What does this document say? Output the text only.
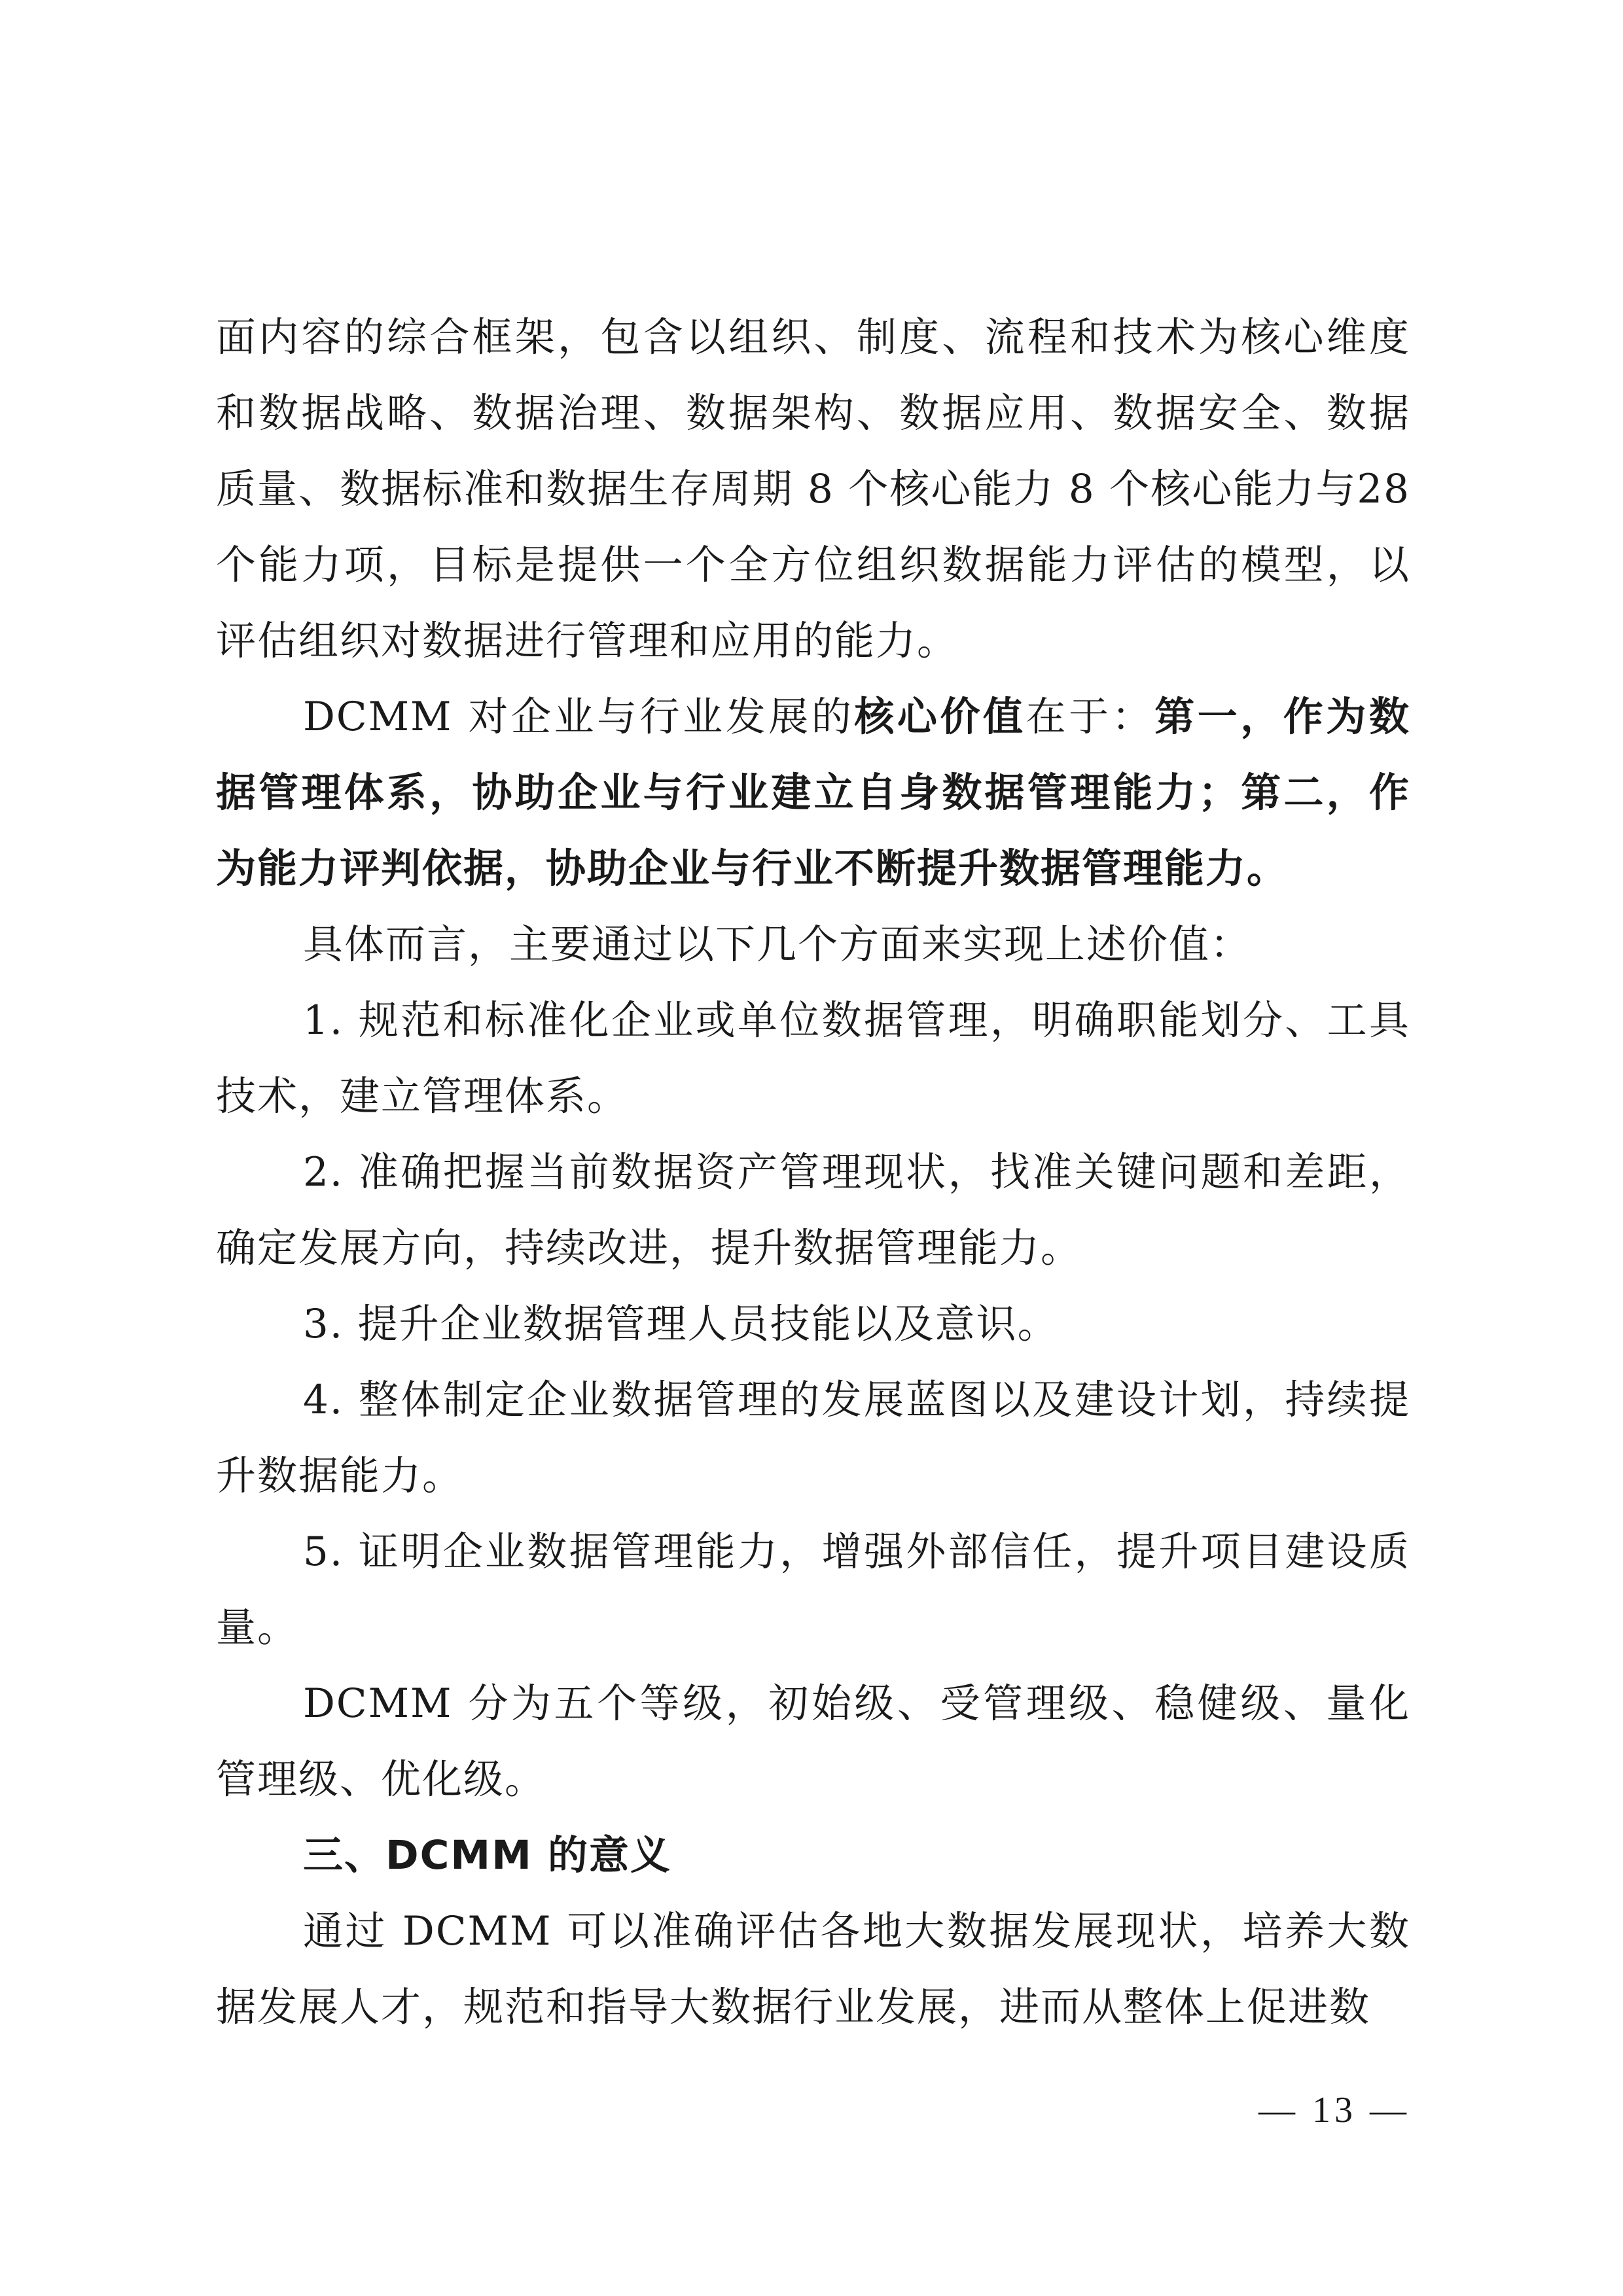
面内容的综合框架，包含以组织、制度、流程和技术为核心维度和数据战略、数据治理、数据架构、数据应用、数据安全、数据质量、数据标准和数据生存周期 8 个核心能力 8 个核心能力与28个能力项，目标是提供一个全方位组织数据能力评估的模型，以评估组织对数据进行管理和应用的能力。

DCMM 对企业与行业发展的核心价值在于：第一，作为数据管理体系，协助企业与行业建立自身数据管理能力；第二，作为能力评判依据，协助企业与行业不断提升数据管理能力。

具体而言，主要通过以下几个方面来实现上述价值：

1. 规范和标准化企业或单位数据管理，明确职能划分、工具技术，建立管理体系。

2. 准确把握当前数据资产管理现状，找准关键问题和差距，确定发展方向，持续改进，提升数据管理能力。

3. 提升企业数据管理人员技能以及意识。

4. 整体制定企业数据管理的发展蓝图以及建设计划，持续提升数据能力。

5. 证明企业数据管理能力，增强外部信任，提升项目建设质量。

DCMM 分为五个等级，初始级、受管理级、稳健级、量化管理级、优化级。

三、DCMM 的意义

通过 DCMM 可以准确评估各地大数据发展现状，培养大数据发展人才，规范和指导大数据行业发展，进而从整体上促进数

— 13 —
